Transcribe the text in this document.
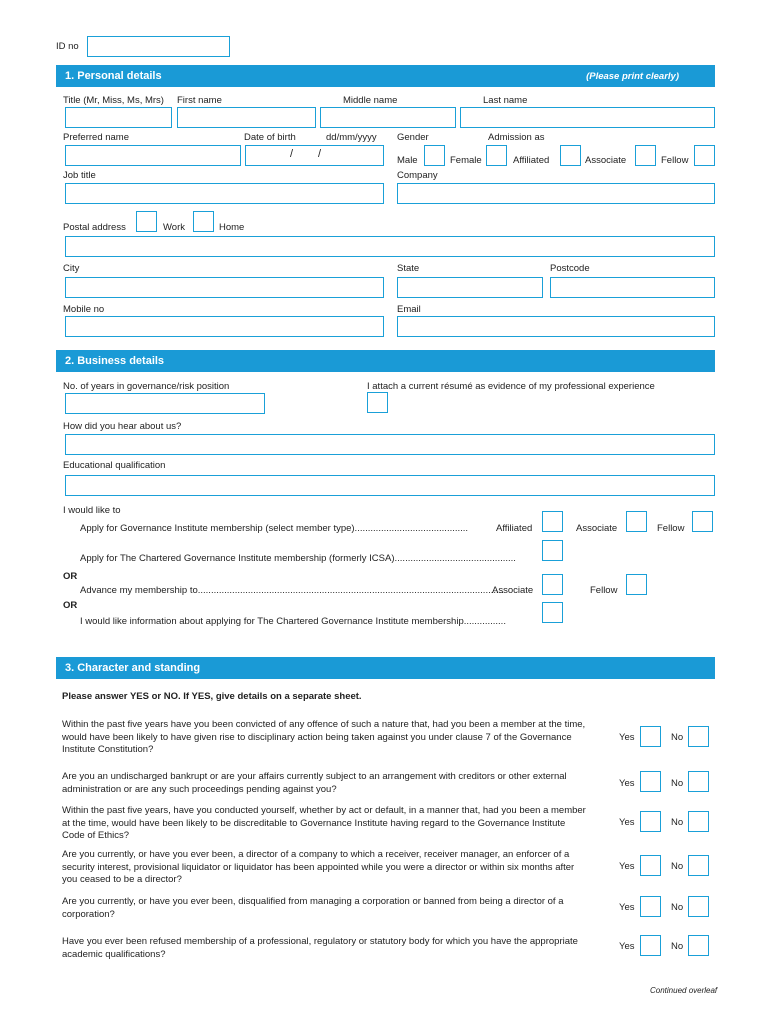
ID no
1. Personal details	(Please print clearly)
Title (Mr, Miss, Ms, Mrs) First name	Middle name	Last name
Preferred name	Date of birth	dd/mm/yyyy Gender	Admission as
/ /
Male	Female	Affiliated	Associate	Fellow
Job title	Company
Postal address	Work	Home
City	State	Postcode
Mobile no	Email
2. Business details
No. of years in governance/risk position	I attach a current résumé as evidence of my professional experience
How did you hear about us?
Educational qualification
I would like to
Apply for Governance Institute membership (select member type)...........................................	Affiliated	Associate	Fellow
Apply for The Chartered Governance Institute membership (formerly ICSA)..............................................
OR
Advance my membership to....................................................................................................................
Associate	Fellow
OR
I would like information about applying for The Chartered Governance Institute membership................
3. Character and standing
Please answer YES or NO. If YES, give details on a separate sheet.
Within the past five years have you been convicted of any offence of such a nature that, had you been a member at the time, would have been likely to have given rise to disciplinary action being taken against you under clause 7 of the Governance Institute Constitution?
Yes	No
Are you an undischarged bankrupt or are your affairs currently subject to an arrangement with creditors or other external administration or are any such proceedings pending against you?	Yes	No
Within the past five years, have you conducted yourself, whether by act or default, in a manner that, had you been a member at the time, would have been likely to be discreditable to Governance Institute having regard to the Governance Institute Code of Ethics?
Yes	No
Are you currently, or have you ever been, a director of a company to which a receiver, receiver manager, an enforcer of a security interest, provisional liquidator or liquidator has been appointed while you were a director or within six months after you ceased to be a director?
Yes	No
Are you currently, or have you ever been, disqualified from managing a corporation or banned from being a director of a corporation?
Yes	No
Have you ever been refused membership of a professional, regulatory or statutory body for which you have the appropriate academic qualifications?
Yes	No
Continued overleaf
